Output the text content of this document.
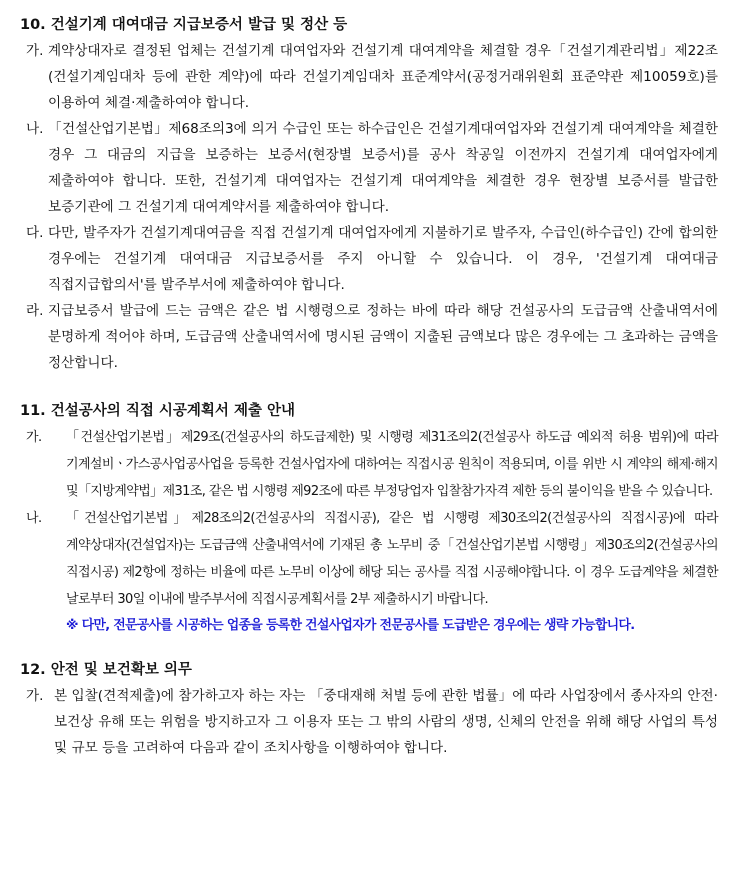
10. 건설기계 대여대금 지급보증서 발급 및 정산 등
가. 계약상대자로 결정된 업체는 건설기계 대여업자와 건설기계 대여계약을 체결할 경우「건설기계관리법」제22조(건설기계임대차 등에 관한 계약)에 따라 건설기계임대차 표준계약서(공정거래위원회 표준약관 제10059호)를 이용하여 체결·제출하여야 합니다.
나. 「건설산업기본법」제68조의3에 의거 수급인 또는 하수급인은 건설기계대여업자와 건설기계 대여계약을 체결한 경우 그 대금의 지급을 보증하는 보증서(현장별 보증서)를 공사 착공일 이전까지 건설기계 대여업자에게 제출하여야 합니다. 또한, 건설기계 대여업자는 건설기계 대여계약을 체결한 경우 현장별 보증서를 발급한 보증기관에 그 건설기계 대여계약서를 제출하여야 합니다.
다. 다만, 발주자가 건설기계대여금을 직접 건설기계 대여업자에게 지불하기로 발주자, 수급인(하수급인) 간에 합의한 경우에는 건설기계 대여대금 지급보증서를 주지 아니할 수 있습니다. 이 경우, '건설기계 대여대금 직접지급합의서'를 발주부서에 제출하여야 합니다.
라. 지급보증서 발급에 드는 금액은 같은 법 시행령으로 정하는 바에 따라 해당 건설공사의 도급금액 산출내역서에 분명하게 적어야 하며, 도급금액 산출내역서에 명시된 금액이 지출된 금액보다 많은 경우에는 그 초과하는 금액을 정산합니다.
11. 건설공사의 직접 시공계획서 제출 안내
가.	「건설산업기본법」제29조(건설공사의 하도급제한) 및 시행령 제31조의2(건설공사 하도급 예외적 허용 범위)에 따라 기계설비ㆍ가스공사업공사업을 등록한 건설사업자에 대하여는 직접시공 원칙이 적용되며, 이를 위반 시 계약의 해제·해지 및「지방계약법」제31조, 같은 법 시행령 제92조에 따른 부정당업자 입찰참가자격 제한 등의 불이익을 받을 수 있습니다.
나.	「건설산업기본법」제28조의2(건설공사의 직접시공), 같은 법 시행령 제30조의2(건설공사의 직접시공)에 따라 계약상대자(건설업자)는 도급금액 산출내역서에 기재된 총 노무비 중「건설산업기본법 시행령」제30조의2(건설공사의 직접시공) 제2항에 정하는 비율에 따른 노무비 이상에 해당 되는 공사를 직접 시공해야합니다. 이 경우 도급계약을 체결한 날로부터 30일 이내에 발주부서에 직접시공계획서를 2부 제출하시기 바랍니다.
※ 다만, 전문공사를 시공하는 업종을 등록한 건설사업자가 전문공사를 도급받은 경우에는 생략 가능합니다.
12. 안전 및 보건확보 의무
가. 본 입찰(견적제출)에 참가하고자 하는 자는 「중대재해 처벌 등에 관한 법률」에 따라 사업장에서 종사자의 안전·보건상 유해 또는 위험을 방지하고자 그 이용자 또는 그 밖의 사람의 생명, 신체의 안전을 위해 해당 사업의 특성 및 규모 등을 고려하여 다음과 같이 조치사항을 이행하여야 합니다.
